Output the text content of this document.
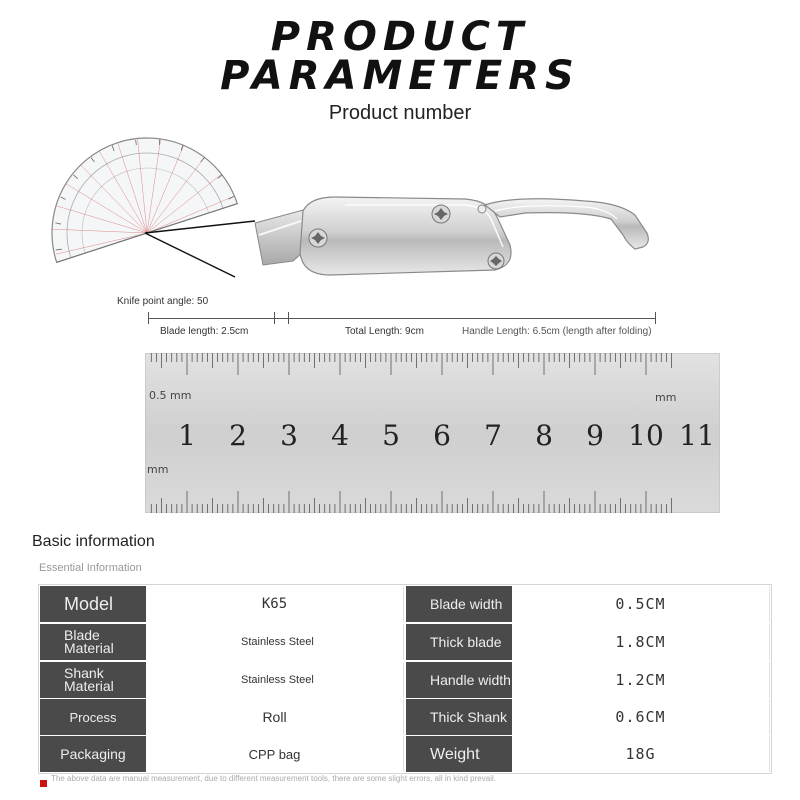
PRODUCT
PARAMETERS
Product number
Knife point angle: 50
Blade length: 2.5cm	Total Length: 9cm	Handle Length: 6.5cm (length after folding)
0.5 mm	mm
mm
1 2 3 4 5 6 7 8 9 10 11
Basic information
Essential Information
Model	K65	Blade width	0.5CM
Blade Material	Stainless Steel	Thick blade	1.8CM
Shank Material	Stainless Steel	Handle width	1.2CM
Process	Roll	Thick Shank	0.6CM
Packaging	CPP bag	Weight	18G
The above data are manual measurement, due to different measurement tools, there are some slight errors, all in kind prevail.
